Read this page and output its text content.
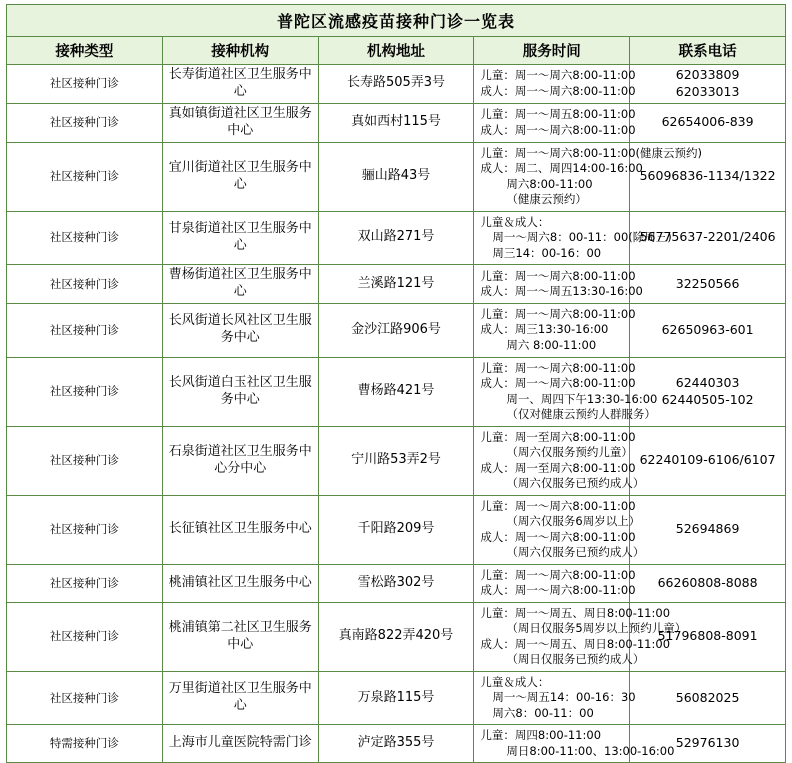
普陀区流感疫苗接种门诊一览表				
接种类型	接种机构	机构地址	服务时间	联系电话
社区接种门诊	长寿街道社区卫生服务中心	长寿路505弄3号	儿童：周一～周六8:00-11:00
成人：周一～周六8:00-11:00	62033809
62033013

社区接种门诊	真如镇街道社区卫生服务中心	真如西村115号	儿童：周一～周五8:00-11:00
成人：周一～周六8:00-11:00	62654006-839

社区接种门诊	宜川街道社区卫生服务中心	骊山路43号	儿童：周一～周六8:00-11:00(健康云预约)
成人：周二、周四14:00-16:00
周六8:00-11:00
（健康云预约）	56096836-1134/1322

社区接种门诊	甘泉街道社区卫生服务中心	双山路271号	儿童＆成人：
周一～周六8：00-11：00(除周三)
周三14：00-16：00	56775637-2201/2406

社区接种门诊	曹杨街道社区卫生服务中心	兰溪路121号	儿童：周一～周六8:00-11:00
成人：周一～周五13:30-16:00	32250566

社区接种门诊	长风街道长风社区卫生服务中心	金沙江路906号	儿童：周一～周六8:00-11:00
成人：周三13:30-16:00
周六 8:00-11:00	62650963-601

社区接种门诊	长风街道白玉社区卫生服务中心	曹杨路421号	儿童：周一～周六8:00-11:00
成人：周一～周六8:00-11:00
周一、周四下午13:30-16:00
（仅对健康云预约人群服务）	62440303
62440505-102

社区接种门诊	石泉街道社区卫生服务中心分中心	宁川路53弄2号	儿童：周一至周六8:00-11:00
（周六仅服务预约儿童）
成人：周一至周六8:00-11:00
（周六仅服务已预约成人）	62240109-6106/6107

社区接种门诊	长征镇社区卫生服务中心	千阳路209号	儿童：周一～周六8:00-11:00
（周六仅服务6周岁以上）
成人：周一～周六8:00-11:00
（周六仅服务已预约成人）	52694869

社区接种门诊	桃浦镇社区卫生服务中心	雪松路302号	儿童：周一～周六8:00-11:00
成人：周一～周六8:00-11:00	66260808-8088

社区接种门诊	桃浦镇第二社区卫生服务中心	真南路822弄420号	儿童：周一～周五、周日8:00-11:00
（周日仅服务5周岁以上预约儿童）
成人：周一～周五、周日8:00-11:00
（周日仅服务已预约成人）	51796808-8091

社区接种门诊	万里街道社区卫生服务中心	万泉路115号	儿童＆成人：
周一～周五14：00-16：30
周六8：00-11：00	56082025

特需接种门诊	上海市儿童医院特需门诊	泸定路355号	儿童：周四8:00-11:00
周日8:00-11:00、13:00-16:00	52976130
